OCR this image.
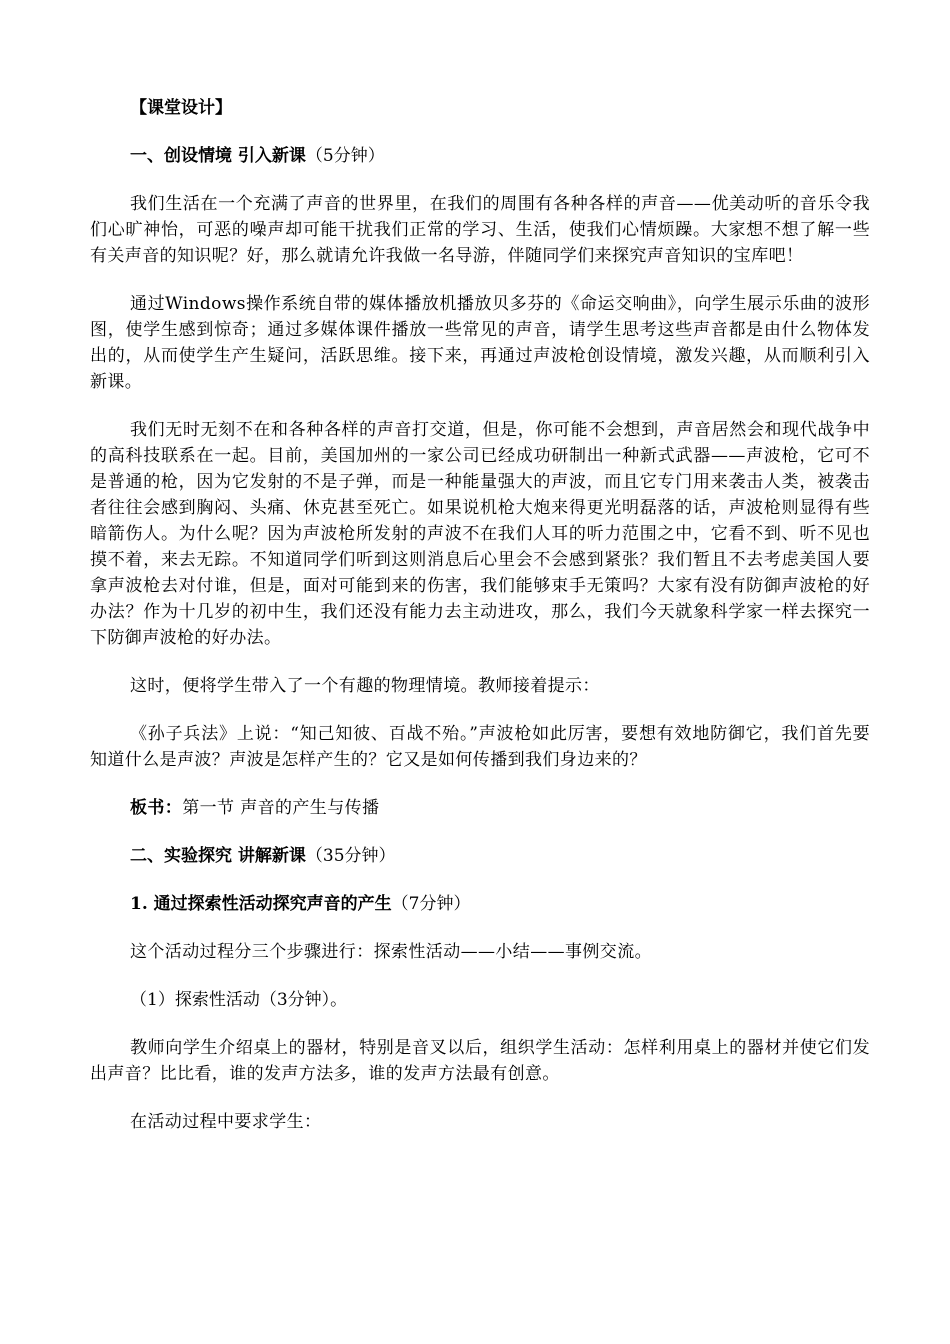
【课堂设计】

一、创设情境 引入新课（5分钟）

我们生活在一个充满了声音的世界里，在我们的周围有各种各样的声音——优美动听的音乐令我们心旷神怡，可恶的噪声却可能干扰我们正常的学习、生活，使我们心情烦躁。大家想不想了解一些有关声音的知识呢？好，那么就请允许我做一名导游，伴随同学们来探究声音知识的宝库吧！

通过Windows操作系统自带的媒体播放机播放贝多芬的《命运交响曲》，向学生展示乐曲的波形图，使学生感到惊奇；通过多媒体课件播放一些常见的声音，请学生思考这些声音都是由什么物体发出的，从而使学生产生疑问，活跃思维。接下来，再通过声波枪创设情境，激发兴趣，从而顺利引入新课。

我们无时无刻不在和各种各样的声音打交道，但是，你可能不会想到，声音居然会和现代战争中的高科技联系在一起。目前，美国加州的一家公司已经成功研制出一种新式武器——声波枪，它可不是普通的枪，因为它发射的不是子弹，而是一种能量强大的声波，而且它专门用来袭击人类，被袭击者往往会感到胸闷、头痛、休克甚至死亡。如果说机枪大炮来得更光明磊落的话，声波枪则显得有些暗箭伤人。为什么呢？因为声波枪所发射的声波不在我们人耳的听力范围之中，它看不到、听不见也摸不着，来去无踪。不知道同学们听到这则消息后心里会不会感到紧张？我们暂且不去考虑美国人要拿声波枪去对付谁，但是，面对可能到来的伤害，我们能够束手无策吗？大家有没有防御声波枪的好办法？作为十几岁的初中生，我们还没有能力去主动进攻，那么，我们今天就象科学家一样去探究一下防御声波枪的好办法。

这时，便将学生带入了一个有趣的物理情境。教师接着提示：

《孙子兵法》上说：“知己知彼、百战不殆。”声波枪如此厉害，要想有效地防御它，我们首先要知道什么是声波？声波是怎样产生的？它又是如何传播到我们身边来的？

板书：第一节 声音的产生与传播

二、实验探究 讲解新课（35分钟）

1. 通过探索性活动探究声音的产生（7分钟）

这个活动过程分三个步骤进行：探索性活动——小结——事例交流。

（1）探索性活动（3分钟）。

教师向学生介绍桌上的器材，特别是音叉以后，组织学生活动：怎样利用桌上的器材并使它们发出声音？比比看，谁的发声方法多，谁的发声方法最有创意。

在活动过程中要求学生：
